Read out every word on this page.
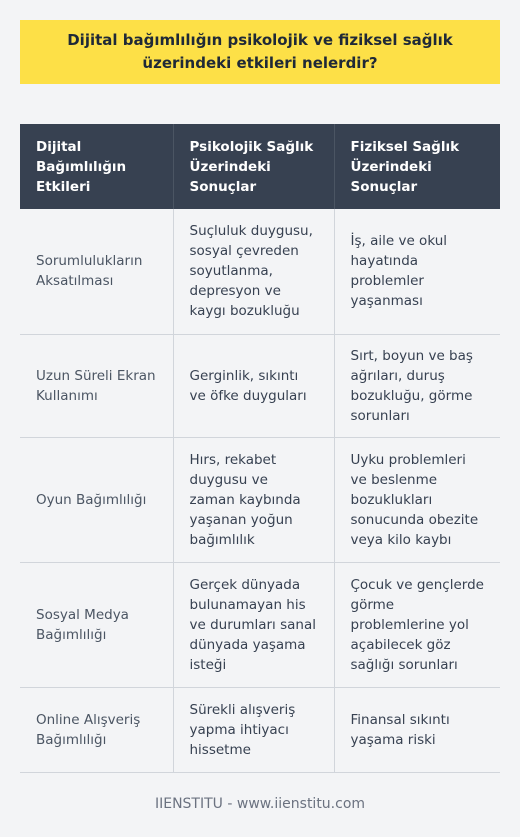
Dijital bağımlılığın psikolojik ve fiziksel sağlık üzerindeki etkileri nelerdir?
Dijital Bağımlılığın Etkileri	Psikolojik Sağlık Üzerindeki Sonuçlar	Fiziksel Sağlık Üzerindeki Sonuçlar
Sorumlulukların Aksatılması	Suçluluk duygusu, sosyal çevreden soyutlanma, depresyon ve kaygı bozukluğu	İş, aile ve okul hayatında problemler yaşanması
Uzun Süreli Ekran Kullanımı	Gerginlik, sıkıntı ve öfke duyguları	Sırt, boyun ve baş ağrıları, duruş bozukluğu, görme sorunları
Oyun Bağımlılığı	Hırs, rekabet duygusu ve zaman kaybında yaşanan yoğun bağımlılık	Uyku problemleri ve beslenme bozuklukları sonucunda obezite veya kilo kaybı
Sosyal Medya Bağımlılığı	Gerçek dünyada bulunamayan his ve durumları sanal dünyada yaşama isteği	Çocuk ve gençlerde görme problemlerine yol açabilecek göz sağlığı sorunları
Online Alışveriş Bağımlılığı	Sürekli alışveriş yapma ihtiyacı hissetme	Finansal sıkıntı yaşama riski
IIENSTITU - www.iienstitu.com
